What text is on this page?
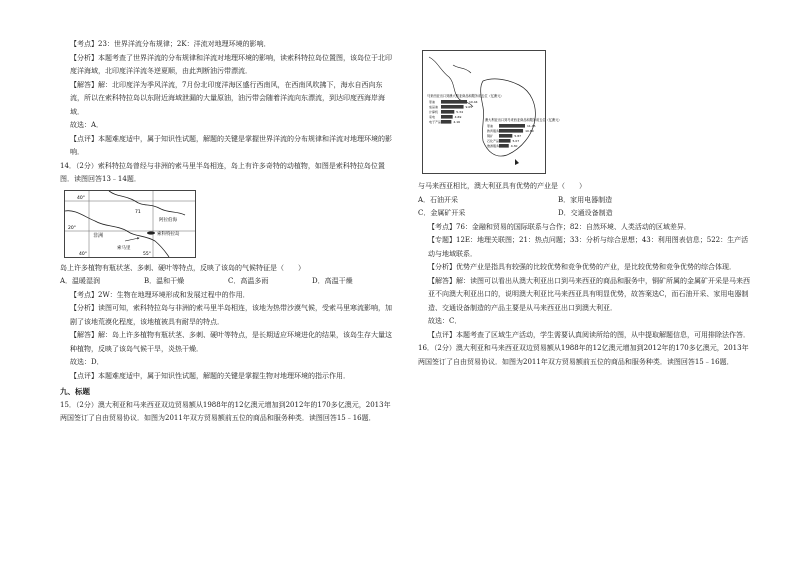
【考点】23：世界洋流分布规律；2K：洋流对地理环境的影响．

【分析】本题考查了世界洋流的分布规律和洋流对地理环境的影响，读索科特拉岛位置图，该岛位于北印度洋海域，北印度洋洋流冬逆夏顺，由此判断油污带漂流．

【解答】解：北印度洋为季风洋流，7月份北印度洋海区盛行西南风，在西南风吹拂下，海水自西向东流，所以在索科特拉岛以东附近海域泄漏的大量原油，油污带会随着洋流向东漂流，到达印度西海岸海域．

故选：A．

【点评】本题难度适中，属于知识性试题，解题的关键是掌握世界洋流的分布规律和洋流对地理环境的影响．

14．（2分）索科特拉岛曾经与非洲的索马里半岛相连，岛上有许多奇特的动植物，如图是索科特拉岛位置图．读图回答13﹣14题．

40°
20°
40°	55°
71
非洲	索科特拉岛
索马里
阿拉伯海

岛上许多植物有瓶状茎、多刺、硬叶等特点，反映了该岛的气候特征是（　　）

A．温暖湿润	B．温和干燥	C．高温多雨	D．高温干燥

【考点】2W：生物在地理环境形成和发展过程中的作用．

【分析】读图可知，索科特拉岛与非洲的索马里半岛相连，该地为热带沙漠气候，受索马里寒流影响，加剧了该地荒漠化程度，该地植被具有耐旱的特点．

【解答】解：岛上许多植物有瓶状茎、多刺、硬叶等特点，是长期适应环境进化的结果，该岛生存大量这种植物，反映了该岛气候干旱，炎热干燥．

故选：D．

【点评】本题难度适中，属于知识性试题，解题的关键是掌握生物对地理环境的指示作用．

九、标题

15．（2分）澳大利亚和马来西亚双边贸易额从1988年的12亿澳元增加到2012年的170多亿澳元，2013年两国签订了自由贸易协议．如图为2011年双方贸易额前五位的商品和服务种类．读图回答15﹣16题．

马来西亚出口到澳大利亚商品和服务前五位（亿澳元）
原油	10.44
成品油	9.05
计算机	5.34
家电	4.69
电子产品	4.16	澳大利亚出口到马来西亚商品和服务前五位（亿澳元）
原油	11.45
教育服务	10.60
铜矿	5.87
石化产品	5.07
旅游服务	4.30

与马来西亚相比，澳大利亚具有优势的产业是（　　）

A．石油开采	B．家用电器制造
C．金属矿开采	D．交通设备制造

【考点】76：金融和贸易的国际联系与合作；82：自然环境、人类活动的区域差异．

【专题】12E：地理关联图；21：热点问题；33：分析与综合思想；43：利用图表信息；522：生产活动与地域联系．

【分析】优势产业是指具有较强的比较优势和竞争优势的产业，是比较优势和竞争优势的综合体现．

【解答】解：读图可以看出从澳大利亚出口到马来西亚的商品和服务中，铜矿所属的金属矿开采是马来西亚不向澳大利亚出口的，说明澳大利亚比马来西亚具有明显优势，故答案选C，而石油开采、家用电器制造、交通设备制造的产品主要是从马来西亚出口到澳大利亚．

故选：C．

【点评】本题考查了区域生产活动，学生需要认真阅读所给的图，从中提取解题信息，可用排除法作答．

16．（2分）澳大利亚和马来西亚双边贸易额从1988年的12亿澳元增加到2012年的170多亿澳元，2013年两国签订了自由贸易协议．如图为2011年双方贸易额前五位的商品和服务种类．读图回答15﹣16题．
